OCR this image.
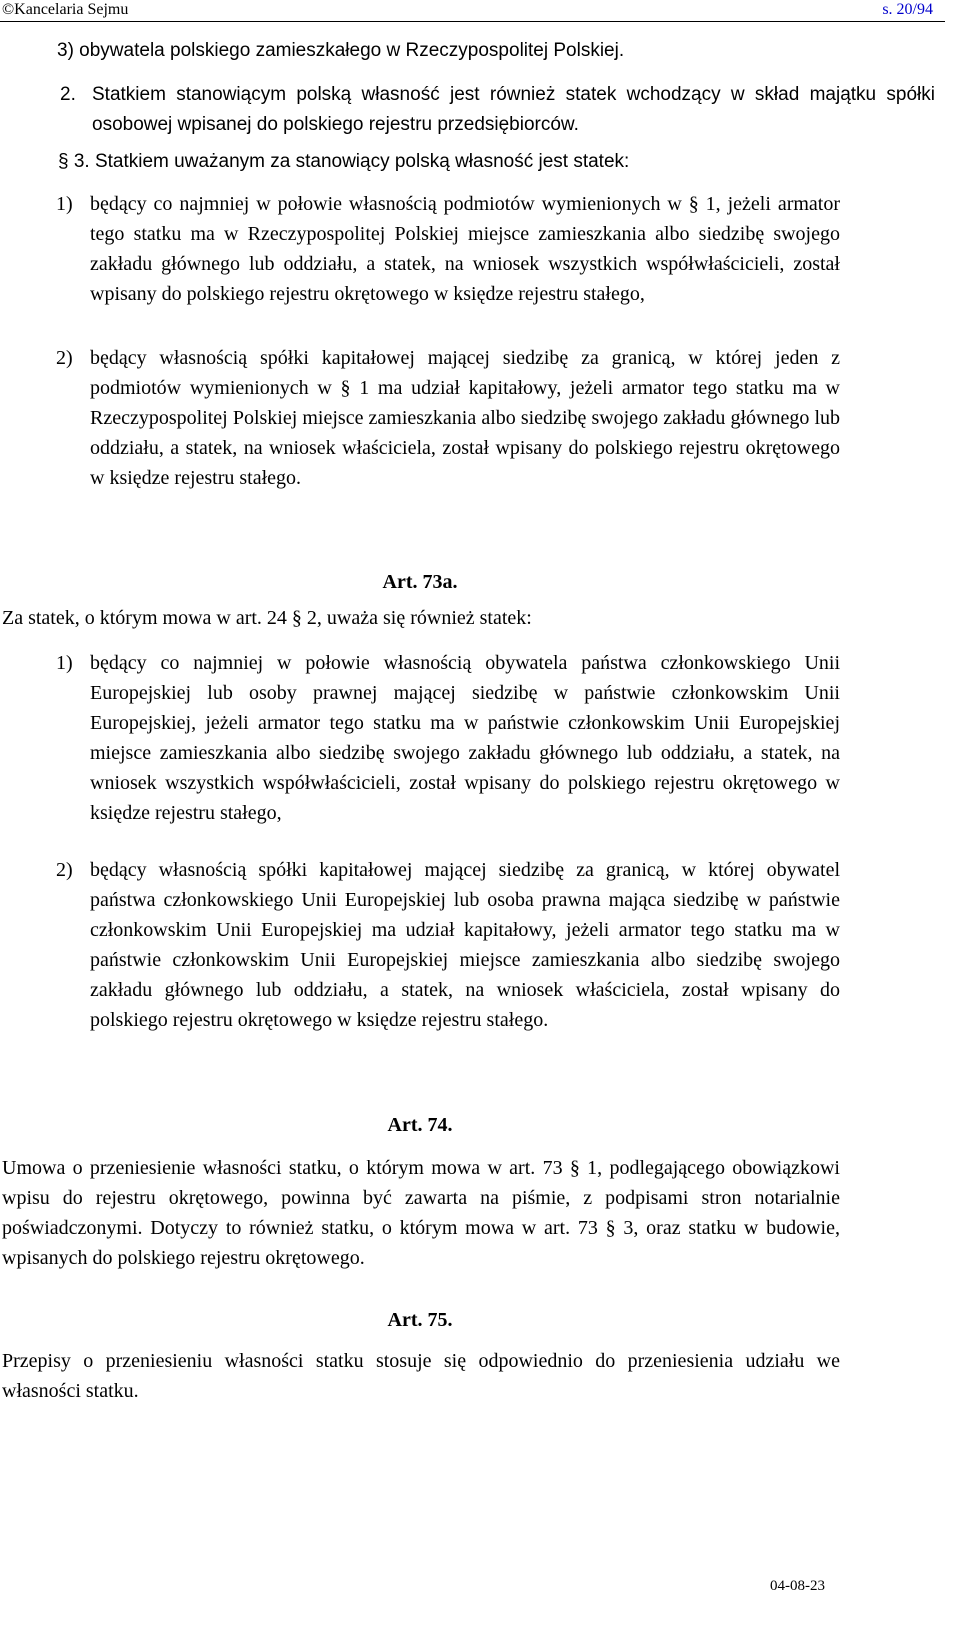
©Kancelaria Sejmu	s. 20/94

3) obywatela polskiego zamieszkałego w Rzeczypospolitej Polskiej.

2. Statkiem stanowiącym polską własność jest również statek wchodzący w skład majątku spółki osobowej wpisanej do polskiego rejestru przedsiębiorców.

§ 3. Statkiem uważanym za stanowiący polską własność jest statek:

1) będący co najmniej w połowie własnością podmiotów wymienionych w § 1, jeżeli armator tego statku ma w Rzeczypospolitej Polskiej miejsce zamieszkania albo siedzibę swojego zakładu głównego lub oddziału, a statek, na wniosek wszystkich współwłaścicieli, został wpisany do polskiego rejestru okrętowego w księdze rejestru stałego,
2) będący własnością spółki kapitałowej mającej siedzibę za granicą, w której jeden z podmiotów wymienionych w § 1 ma udział kapitałowy, jeżeli armator tego statku ma w Rzeczypospolitej Polskiej miejsce zamieszkania albo siedzibę swojego zakładu głównego lub oddziału, a statek, na wniosek właściciela, został wpisany do polskiego rejestru okrętowego w księdze rejestru stałego.
Art. 73a.

Za statek, o którym mowa w art. 24 § 2, uważa się również statek:

1) będący co najmniej w połowie własnością obywatela państwa członkowskiego Unii Europejskiej lub osoby prawnej mającej siedzibę w państwie członkowskim Unii Europejskiej, jeżeli armator tego statku ma w państwie członkowskim Unii Europejskiej miejsce zamieszkania albo siedzibę swojego zakładu głównego lub oddziału, a statek, na wniosek wszystkich współwłaścicieli, został wpisany do polskiego rejestru okrętowego w księdze rejestru stałego,
2) będący własnością spółki kapitałowej mającej siedzibę za granicą, w której obywatel państwa członkowskiego Unii Europejskiej lub osoba prawna mająca siedzibę w państwie członkowskim Unii Europejskiej ma udział kapitałowy, jeżeli armator tego statku ma w państwie członkowskim Unii Europejskiej miejsce zamieszkania albo siedzibę swojego zakładu głównego lub oddziału, a statek, na wniosek właściciela, został wpisany do polskiego rejestru okrętowego w księdze rejestru stałego.
Art. 74.

Umowa o przeniesienie własności statku, o którym mowa w art. 73 § 1, podlegającego obowiązkowi wpisu do rejestru okrętowego, powinna być zawarta na piśmie, z podpisami stron notarialnie poświadczonymi. Dotyczy to również statku, o którym mowa w art. 73 § 3, oraz statku w budowie, wpisanych do polskiego rejestru okrętowego.

Art. 75.

Przepisy o przeniesieniu własności statku stosuje się odpowiednio do przeniesienia udziału we własności statku.

04-08-23
